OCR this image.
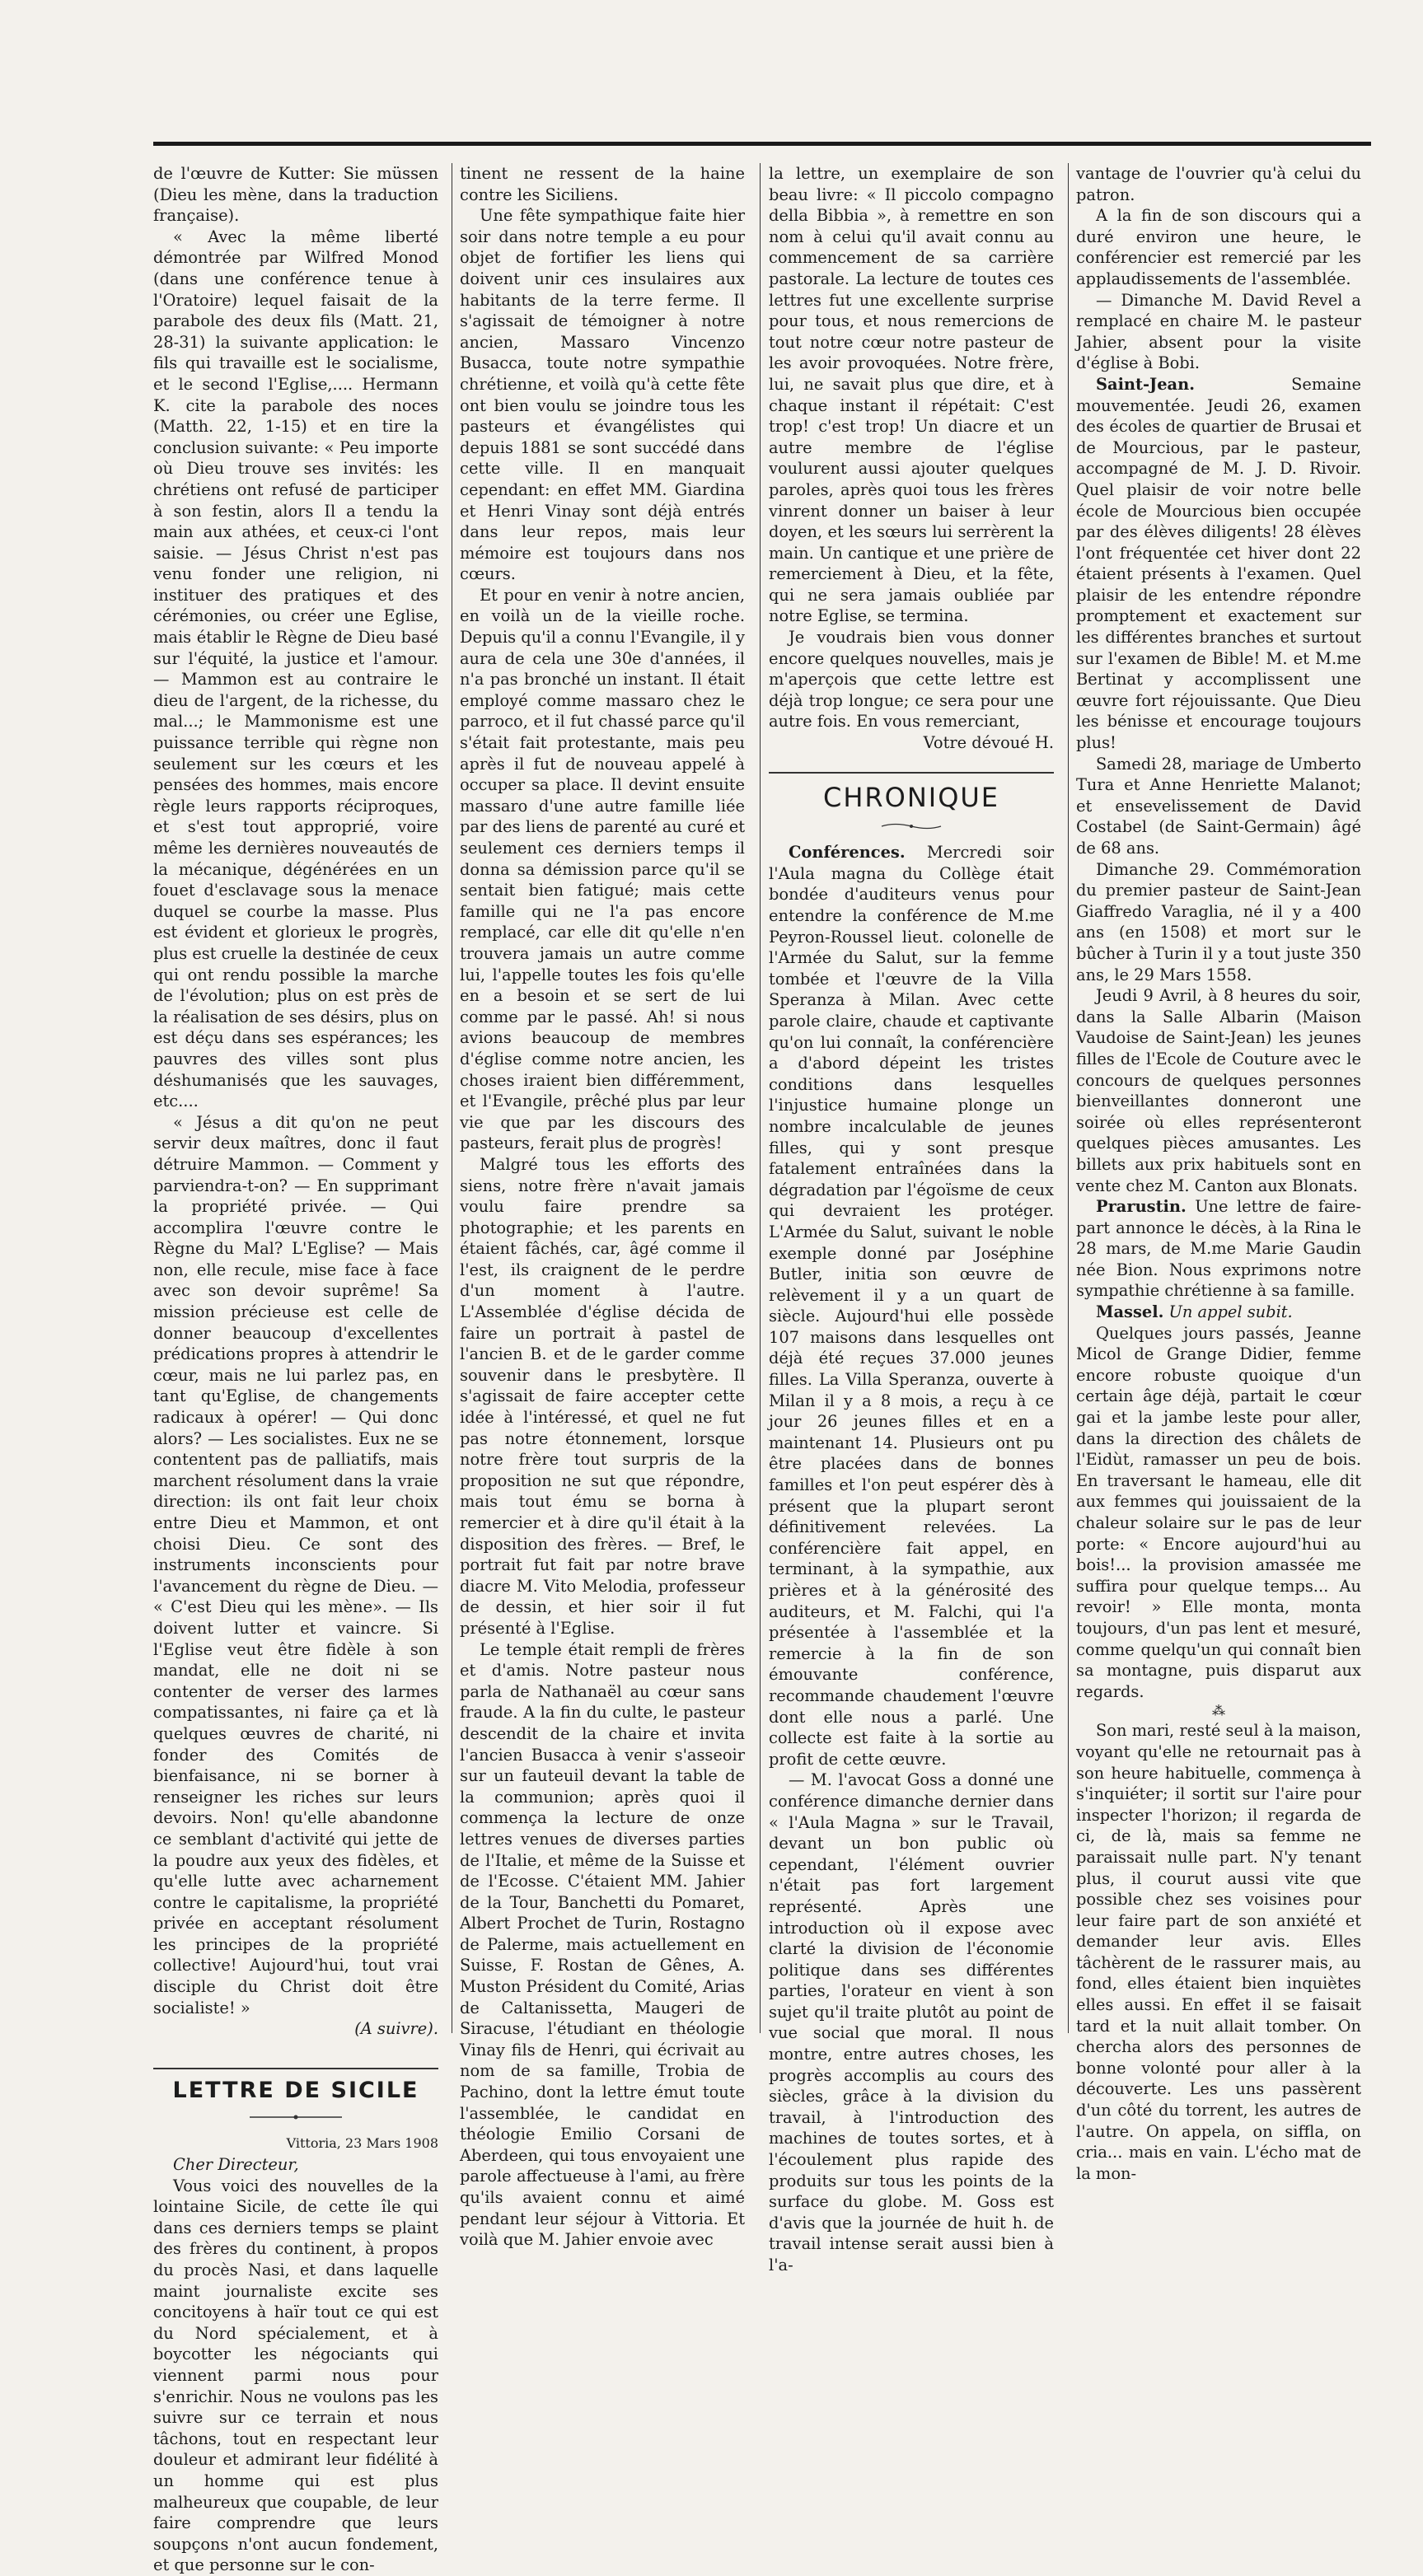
de l'œuvre de Kutter: Sie müssen (Dieu les mène, dans la traduction française).

« Avec la même liberté démontrée par Wilfred Monod (dans une conférence tenue à l'Oratoire) lequel faisait de la parabole des deux fils (Matt. 21, 28-31) la suivante application: le fils qui travaille est le socialisme, et le second l'Eglise,.... Hermann K. cite la parabole des noces (Matth. 22, 1-15) et en tire la conclusion suivante: « Peu importe où Dieu trouve ses invités: les chrétiens ont refusé de participer à son festin, alors Il a tendu la main aux athées, et ceux-ci l'ont saisie. — Jésus Christ n'est pas venu fonder une religion, ni instituer des pratiques et des cérémonies, ou créer une Eglise, mais établir le Règne de Dieu basé sur l'équité, la justice et l'amour. — Mammon est au contraire le dieu de l'argent, de la richesse, du mal...; le Mammonisme est une puissance terrible qui règne non seulement sur les cœurs et les pensées des hommes, mais encore règle leurs rapports réciproques, et s'est tout approprié, voire même les dernières nouveautés de la mécanique, dégénérées en un fouet d'esclavage sous la menace duquel se courbe la masse. Plus est évident et glorieux le progrès, plus est cruelle la destinée de ceux qui ont rendu possible la marche de l'évolution; plus on est près de la réalisation de ses désirs, plus on est déçu dans ses espérances; les pauvres des villes sont plus déshumanisés que les sauvages, etc....

« Jésus a dit qu'on ne peut servir deux maîtres, donc il faut détruire Mammon. — Comment y parviendra-t-on? — En supprimant la propriété privée. — Qui accomplira l'œuvre contre le Règne du Mal? L'Eglise? — Mais non, elle recule, mise face à face avec son devoir suprême! Sa mission précieuse est celle de donner beaucoup d'excellentes prédications propres à attendrir le cœur, mais ne lui parlez pas, en tant qu'Eglise, de changements radicaux à opérer! — Qui donc alors? — Les socialistes. Eux ne se contentent pas de palliatifs, mais marchent résolument dans la vraie direction: ils ont fait leur choix entre Dieu et Mammon, et ont choisi Dieu. Ce sont des instruments inconscients pour l'avancement du règne de Dieu. — « C'est Dieu qui les mène». — Ils doivent lutter et vaincre. Si l'Eglise veut être fidèle à son mandat, elle ne doit ni se contenter de verser des larmes compatissantes, ni faire ça et là quelques œuvres de charité, ni fonder des Comités de bienfaisance, ni se borner à renseigner les riches sur leurs devoirs. Non! qu'elle abandonne ce semblant d'activité qui jette de la poudre aux yeux des fidèles, et qu'elle lutte avec acharnement contre le capitalisme, la propriété privée en acceptant résolument les principes de la propriété collective! Aujourd'hui, tout vrai disciple du Christ doit être socialiste! »

(A suivre).

LETTRE DE SICILE

Vittoria, 23 Mars 1908

Cher Directeur,

Vous voici des nouvelles de la lointaine Sicile, de cette île qui dans ces derniers temps se plaint des frères du continent, à propos du procès Nasi, et dans laquelle maint journaliste excite ses concitoyens à haïr tout ce qui est du Nord spécialement, et à boycotter les négociants qui viennent parmi nous pour s'enrichir. Nous ne voulons pas les suivre sur ce terrain et nous tâchons, tout en respectant leur douleur et admirant leur fidélité à un homme qui est plus malheureux que coupable, de leur faire comprendre que leurs soupçons n'ont aucun fondement, et que personne sur le con-

tinent ne ressent de la haine contre les Siciliens.

Une fête sympathique faite hier soir dans notre temple a eu pour objet de fortifier les liens qui doivent unir ces insulaires aux habitants de la terre ferme. Il s'agissait de témoigner à notre ancien, Massaro Vincenzo Busacca, toute notre sympathie chrétienne, et voilà qu'à cette fête ont bien voulu se joindre tous les pasteurs et évangélistes qui depuis 1881 se sont succédé dans cette ville. Il en manquait cependant: en effet MM. Giardina et Henri Vinay sont déjà entrés dans leur repos, mais leur mémoire est toujours dans nos cœurs.

Et pour en venir à notre ancien, en voilà un de la vieille roche. Depuis qu'il a connu l'Evangile, il y aura de cela une 30e d'années, il n'a pas bronché un instant. Il était employé comme massaro chez le parroco, et il fut chassé parce qu'il s'était fait protestante, mais peu après il fut de nouveau appelé à occuper sa place. Il devint ensuite massaro d'une autre famille liée par des liens de parenté au curé et seulement ces derniers temps il donna sa démission parce qu'il se sentait bien fatigué; mais cette famille qui ne l'a pas encore remplacé, car elle dit qu'elle n'en trouvera jamais un autre comme lui, l'appelle toutes les fois qu'elle en a besoin et se sert de lui comme par le passé. Ah! si nous avions beaucoup de membres d'église comme notre ancien, les choses iraient bien différemment, et l'Evangile, prêché plus par leur vie que par les discours des pasteurs, ferait plus de progrès!

Malgré tous les efforts des siens, notre frère n'avait jamais voulu faire prendre sa photographie; et les parents en étaient fâchés, car, âgé comme il l'est, ils craignent de le perdre d'un moment à l'autre. L'Assemblée d'église décida de faire un portrait à pastel de l'ancien B. et de le garder comme souvenir dans le presbytère. Il s'agissait de faire accepter cette idée à l'intéressé, et quel ne fut pas notre étonnement, lorsque notre frère tout surpris de la proposition ne sut que répondre, mais tout ému se borna à remercier et à dire qu'il était à la disposition des frères. — Bref, le portrait fut fait par notre brave diacre M. Vito Melodia, professeur de dessin, et hier soir il fut présenté à l'Eglise.

Le temple était rempli de frères et d'amis. Notre pasteur nous parla de Nathanaël au cœur sans fraude. A la fin du culte, le pasteur descendit de la chaire et invita l'ancien Busacca à venir s'asseoir sur un fauteuil devant la table de la communion; après quoi il commença la lecture de onze lettres venues de diverses parties de l'Italie, et même de la Suisse et de l'Ecosse. C'étaient MM. Jahier de la Tour, Banchetti du Pomaret, Albert Prochet de Turin, Rostagno de Palerme, mais actuellement en Suisse, F. Rostan de Gênes, A. Muston Président du Comité, Arias de Caltanissetta, Maugeri de Siracuse, l'étudiant en théologie Vinay fils de Henri, qui écrivait au nom de sa famille, Trobia de Pachino, dont la lettre émut toute l'assemblée, le candidat en théologie Emilio Corsani de Aberdeen, qui tous envoyaient une parole affectueuse à l'ami, au frère qu'ils avaient connu et aimé pendant leur séjour à Vittoria. Et voilà que M. Jahier envoie avec

la lettre, un exemplaire de son beau livre: « Il piccolo compagno della Bibbia », à remettre en son nom à celui qu'il avait connu au commencement de sa carrière pastorale. La lecture de toutes ces lettres fut une excellente surprise pour tous, et nous remercions de tout notre cœur notre pasteur de les avoir provoquées. Notre frère, lui, ne savait plus que dire, et à chaque instant il répétait: C'est trop! c'est trop! Un diacre et un autre membre de l'église voulurent aussi ajouter quelques paroles, après quoi tous les frères vinrent donner un baiser à leur doyen, et les sœurs lui serrèrent la main. Un cantique et une prière de remerciement à Dieu, et la fête, qui ne sera jamais oubliée par notre Eglise, se termina.

Je voudrais bien vous donner encore quelques nouvelles, mais je m'aperçois que cette lettre est déjà trop longue; ce sera pour une autre fois. En vous remerciant,

Votre dévoué H.

CHRONIQUE

Conférences. Mercredi soir l'Aula magna du Collège était bondée d'auditeurs venus pour entendre la conférence de M.me Peyron-Roussel lieut. colonelle de l'Armée du Salut, sur la femme tombée et l'œuvre de la Villa Speranza à Milan. Avec cette parole claire, chaude et captivante qu'on lui connaît, la conférencière a d'abord dépeint les tristes conditions dans lesquelles l'injustice humaine plonge un nombre incalculable de jeunes filles, qui y sont presque fatalement entraînées dans la dégradation par l'égoïsme de ceux qui devraient les protéger. L'Armée du Salut, suivant le noble exemple donné par Joséphine Butler, initia son œuvre de relèvement il y a un quart de siècle. Aujourd'hui elle possède 107 maisons dans lesquelles ont déjà été reçues 37.000 jeunes filles. La Villa Speranza, ouverte à Milan il y a 8 mois, a reçu à ce jour 26 jeunes filles et en a maintenant 14. Plusieurs ont pu être placées dans de bonnes familles et l'on peut espérer dès à présent que la plupart seront définitivement relevées. La conférencière fait appel, en terminant, à la sympathie, aux prières et à la générosité des auditeurs, et M. Falchi, qui l'a présentée à l'assemblée et la remercie à la fin de son émouvante conférence, recommande chaudement l'œuvre dont elle nous a parlé. Une collecte est faite à la sortie au profit de cette œuvre.

— M. l'avocat Goss a donné une conférence dimanche dernier dans « l'Aula Magna » sur le Travail, devant un bon public où cependant, l'élément ouvrier n'était pas fort largement représenté. Après une introduction où il expose avec clarté la division de l'économie politique dans ses différentes parties, l'orateur en vient à son sujet qu'il traite plutôt au point de vue social que moral. Il nous montre, entre autres choses, les progrès accomplis au cours des siècles, grâce à la division du travail, à l'introduction des machines de toutes sortes, et à l'écoulement plus rapide des produits sur tous les points de la surface du globe. M. Goss est d'avis que la journée de huit h. de travail intense serait aussi bien à l'a-

vantage de l'ouvrier qu'à celui du patron.

A la fin de son discours qui a duré environ une heure, le conférencier est remercié par les applaudissements de l'assemblée.

— Dimanche M. David Revel a remplacé en chaire M. le pasteur Jahier, absent pour la visite d'église à Bobi.

Saint-Jean. Semaine mouvementée. Jeudi 26, examen des écoles de quartier de Brusai et de Mourcious, par le pasteur, accompagné de M. J. D. Rivoir. Quel plaisir de voir notre belle école de Mourcious bien occupée par des élèves diligents! 28 élèves l'ont fréquentée cet hiver dont 22 étaient présents à l'examen. Quel plaisir de les entendre répondre promptement et exactement sur les différentes branches et surtout sur l'examen de Bible! M. et M.me Bertinat y accomplissent une œuvre fort réjouissante. Que Dieu les bénisse et encourage toujours plus!

Samedi 28, mariage de Umberto Tura et Anne Henriette Malanot; et ensevelissement de David Costabel (de Saint-Germain) âgé de 68 ans.

Dimanche 29. Commémoration du premier pasteur de Saint-Jean Giaffredo Varaglia, né il y a 400 ans (en 1508) et mort sur le bûcher à Turin il y a tout juste 350 ans, le 29 Mars 1558.

Jeudi 9 Avril, à 8 heures du soir, dans la Salle Albarin (Maison Vaudoise de Saint-Jean) les jeunes filles de l'Ecole de Couture avec le concours de quelques personnes bienveillantes donneront une soirée où elles représenteront quelques pièces amusantes. Les billets aux prix habituels sont en vente chez M. Canton aux Blonats.

Prarustin. Une lettre de faire-part annonce le décès, à la Rina le 28 mars, de M.me Marie Gaudin née Bion. Nous exprimons notre sympathie chrétienne à sa famille.

Massel. Un appel subit.

Quelques jours passés, Jeanne Micol de Grange Didier, femme encore robuste quoique d'un certain âge déjà, partait le cœur gai et la jambe leste pour aller, dans la direction des châlets de l'Eidùt, ramasser un peu de bois. En traversant le hameau, elle dit aux femmes qui jouissaient de la chaleur solaire sur le pas de leur porte: « Encore aujourd'hui au bois!... la provision amassée me suffira pour quelque temps... Au revoir! » Elle monta, monta toujours, d'un pas lent et mesuré, comme quelqu'un qui connaît bien sa montagne, puis disparut aux regards.

⁂

Son mari, resté seul à la maison, voyant qu'elle ne retournait pas à son heure habituelle, commença à s'inquiéter; il sortit sur l'aire pour inspecter l'horizon; il regarda de ci, de là, mais sa femme ne paraissait nulle part. N'y tenant plus, il courut aussi vite que possible chez ses voisines pour leur faire part de son anxiété et demander leur avis. Elles tâchèrent de le rassurer mais, au fond, elles étaient bien inquiètes elles aussi. En effet il se faisait tard et la nuit allait tomber. On chercha alors des personnes de bonne volonté pour aller à la découverte. Les uns passèrent d'un côté du torrent, les autres de l'autre. On appela, on siffla, on cria... mais en vain. L'écho mat de la mon-
